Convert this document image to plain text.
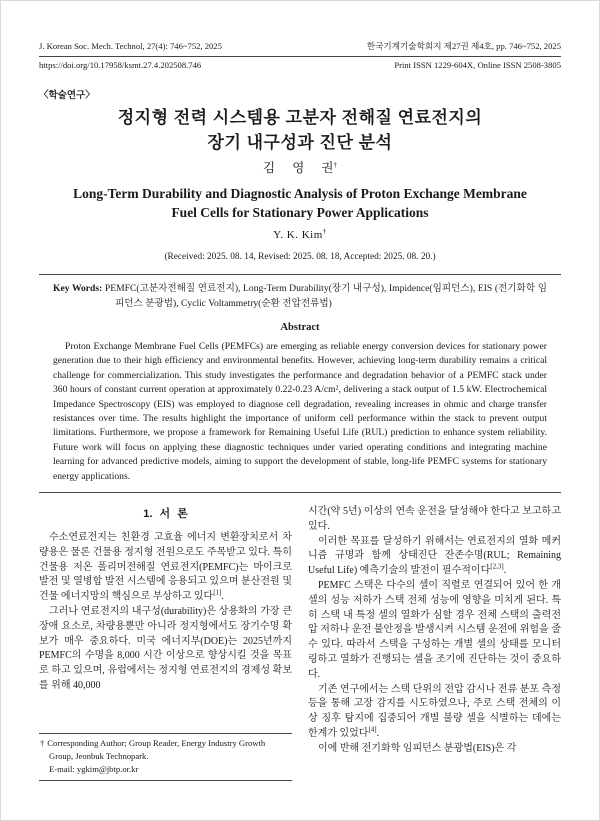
J. Korean Soc. Mech. Technol, 27(4): 746~752, 2025	한국기계기술학회지 제27권 제4호, pp. 746~752, 2025
https://doi.org/10.17958/ksmt.27.4.202508.746	Print ISSN 1229-604X, Online ISSN 2508-3805
〈학술연구〉
정지형 전력 시스템용 고분자 전해질 연료전지의
장기 내구성과 진단 분석
김 영 권†
Long-Term Durability and Diagnostic Analysis of Proton Exchange Membrane Fuel Cells for Stationary Power Applications
Y. K. Kim†
(Received: 2025. 08. 14, Revised: 2025. 08. 18, Accepted: 2025. 08. 20.)

Key Words: PEMFC(고분자전해질 연료전지), Long-Term Durability(장기 내구성), Impidence(임피던스), EIS (전기화학 임피던스 분광법), Cyclic Voltammetry(순환 전압전류법)

Abstract

Proton Exchange Membrane Fuel Cells (PEMFCs) are emerging as reliable energy conversion devices for stationary power generation due to their high efficiency and environmental benefits. However, achieving long-term durability remains a critical challenge for commercialization. This study investigates the performance and degradation behavior of a PEMFC stack under 360 hours of constant current operation at approximately 0.22-0.23 A/cm², delivering a stack output of 1.5 kW. Electrochemical Impedance Spectroscopy (EIS) was employed to diagnose cell degradation, revealing increases in ohmic and charge transfer resistances over time. The results highlight the importance of uniform cell performance within the stack to prevent output limitations. Furthermore, we propose a framework for Remaining Useful Life (RUL) prediction to enhance system reliability. Future work will focus on applying these diagnostic techniques under varied operating conditions and integrating machine learning for advanced predictive models, aiming to support the development of stable, long-life PEMFC systems for stationary energy applications.

1. 서 론

수소연료전지는 친환경 고효율 에너지 변환장치로서 차량용은 물론 건물용 정지형 전원으로도 주목받고 있다. 특히 건물용 저온 폴리머전해질 연료전지(PEMFC)는 마이크로 발전 및 열병합 발전 시스템에 응용되고 있으며 분산전원 및 건물 에너지망의 핵심으로 부상하고 있다[1].

그러나 연료전지의 내구성(durability)은 상용화의 가장 큰 장애 요소로, 차량용뿐만 아니라 정지형에서도 장기수명 확보가 매우 중요하다. 미국 에너지부(DOE)는 2025년까지 PEMFC의 수명을 8,000 시간 이상으로 향상시킬 것을 목표로 하고 있으며, 유럽에서는 정지형 연료전지의 경제성 확보를 위해 40,000

† Corresponding Author; Group Reader, Energy Industry Growth Group, Jeonbuk Technopark.

E-mail: ygkim@jbtp.or.kr

시간(약 5년) 이상의 연속 운전을 달성해야 한다고 보고하고 있다.

이러한 목표를 달성하기 위해서는 연료전지의 열화 메커니즘 규명과 함께 상태진단 잔존수명(RUL; Remaining Useful Life) 예측기술의 발전이 필수적이다[2,3].

PEMFC 스택은 다수의 셀이 직렬로 연결되어 있어 한 개 셀의 성능 저하가 스택 전체 성능에 영향을 미치게 된다. 특히 스택 내 특정 셀의 열화가 심할 경우 전체 스택의 출력전압 저하나 운전 불안정을 발생시켜 시스템 운전에 위험을 줄 수 있다. 따라서 스택을 구성하는 개별 셀의 상태를 모니터링하고 열화가 진행되는 셀을 조기에 진단하는 것이 중요하다.

기존 연구에서는 스택 단위의 전압 감시나 전류 분포 측정 등을 통해 고장 감지를 시도하였으나, 주로 스택 전체의 이상 징후 탐지에 집중되어 개별 불량 셀을 식별하는 데에는 한계가 있었다[4].

이에 반해 전기화학 임피던스 분광법(EIS)은 각
